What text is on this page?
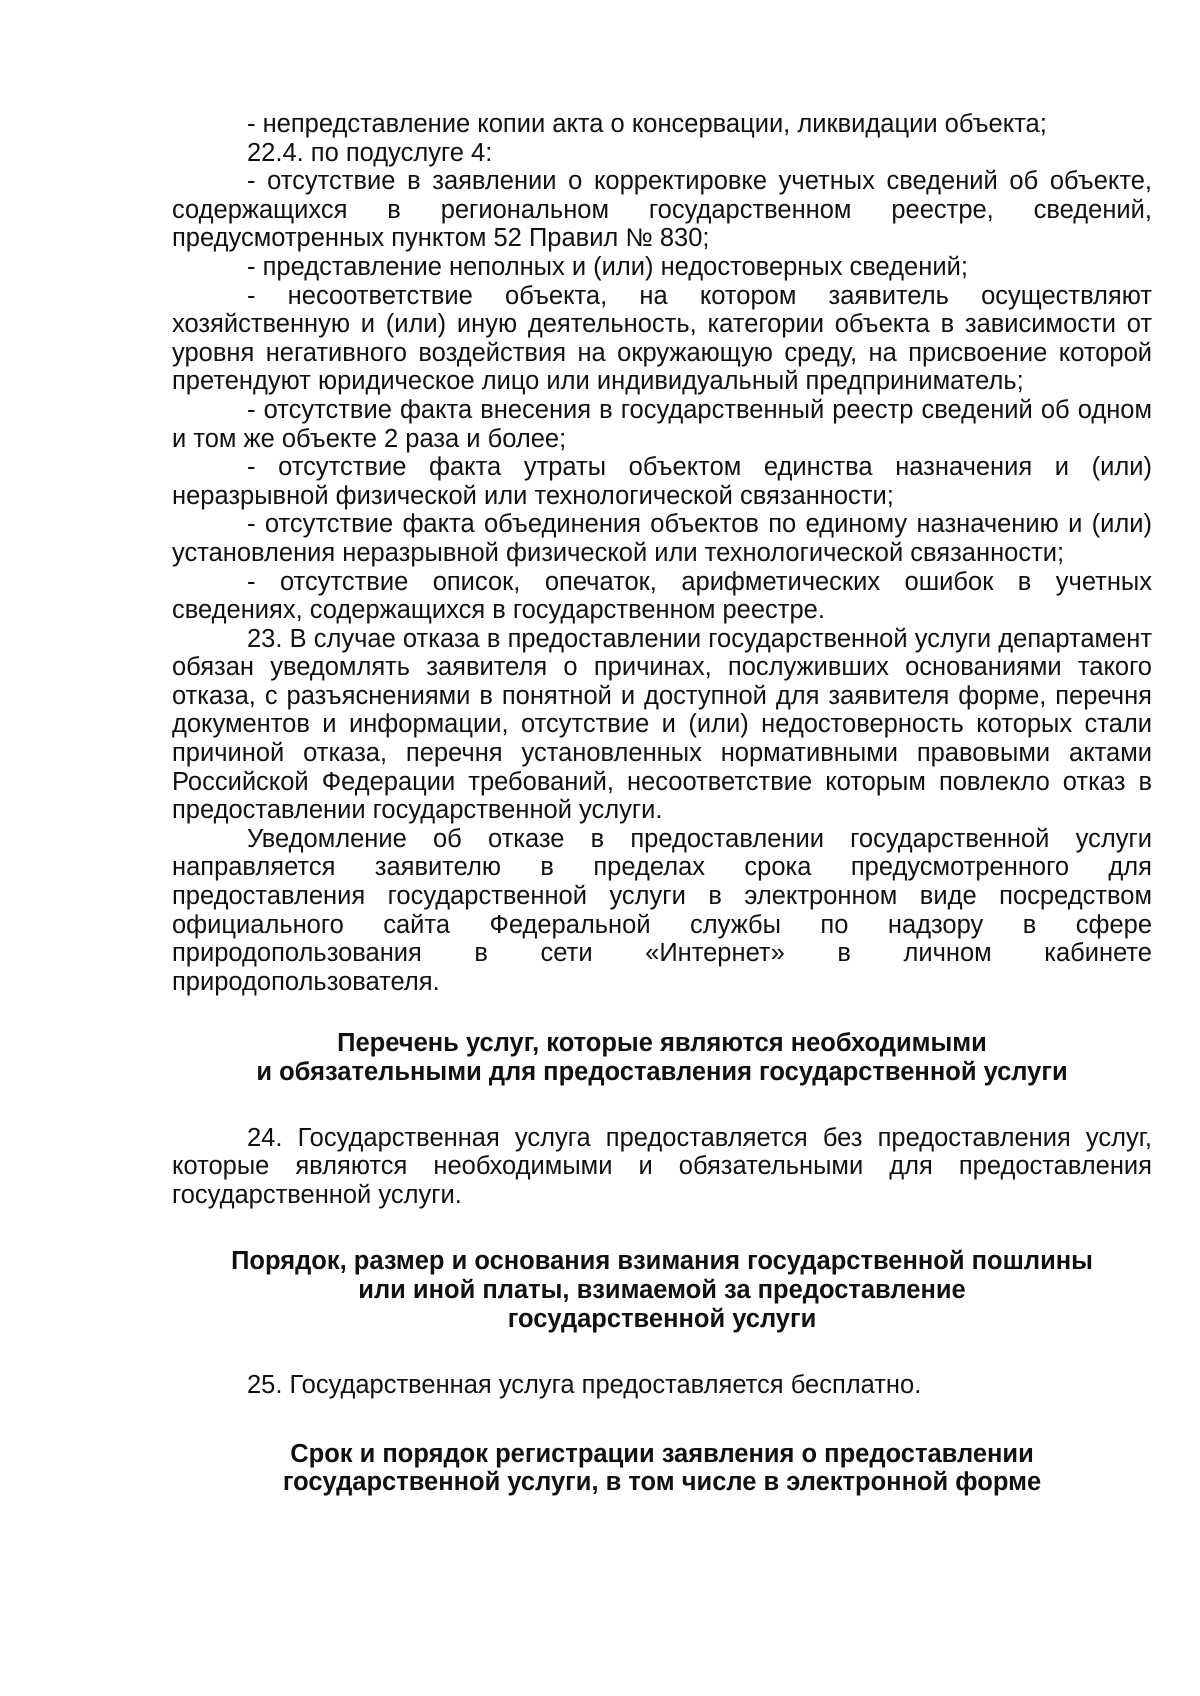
- непредставление копии акта о консервации, ликвидации объекта;

22.4. по подуслуге 4:

- отсутствие в заявлении о корректировке учетных сведений об объекте, содержащихся в региональном государственном реестре, сведений, предусмотренных пунктом 52 Правил № 830;

- представление неполных и (или) недостоверных сведений;

- несоответствие объекта, на котором заявитель осуществляют хозяйственную и (или) иную деятельность, категории объекта в зависимости от уровня негативного воздействия на окружающую среду, на присвоение которой претендуют юридическое лицо или индивидуальный предприниматель;

- отсутствие факта внесения в государственный реестр сведений об одном и том же объекте 2 раза и более;

- отсутствие факта утраты объектом единства назначения и (или) неразрывной физической или технологической связанности;

- отсутствие факта объединения объектов по единому назначению и (или) установления неразрывной физической или технологической связанности;

- отсутствие описок, опечаток, арифметических ошибок в учетных сведениях, содержащихся в государственном реестре.

23. В случае отказа в предоставлении государственной услуги департамент обязан уведомлять заявителя о причинах, послуживших основаниями такого отказа, с разъяснениями в понятной и доступной для заявителя форме, перечня документов и информации, отсутствие и (или) недостоверность которых стали причиной отказа, перечня установленных нормативными правовыми актами Российской Федерации требований, несоответствие которым повлекло отказ в предоставлении государственной услуги.

Уведомление об отказе в предоставлении государственной услуги направляется заявителю в пределах срока предусмотренного для предоставления государственной услуги в электронном виде посредством официального сайта Федеральной службы по надзору в сфере природопользования в сети «Интернет» в личном кабинете природопользователя.

Перечень услуг, которые являются необходимыми
и обязательными для предоставления государственной услуги

24. Государственная услуга предоставляется без предоставления услуг, которые являются необходимыми и обязательными для предоставления государственной услуги.

Порядок, размер и основания взимания государственной пошлины
или иной платы, взимаемой за предоставление
государственной услуги

25. Государственная услуга предоставляется бесплатно.

Срок и порядок регистрации заявления о предоставлении
государственной услуги, в том числе в электронной форме
